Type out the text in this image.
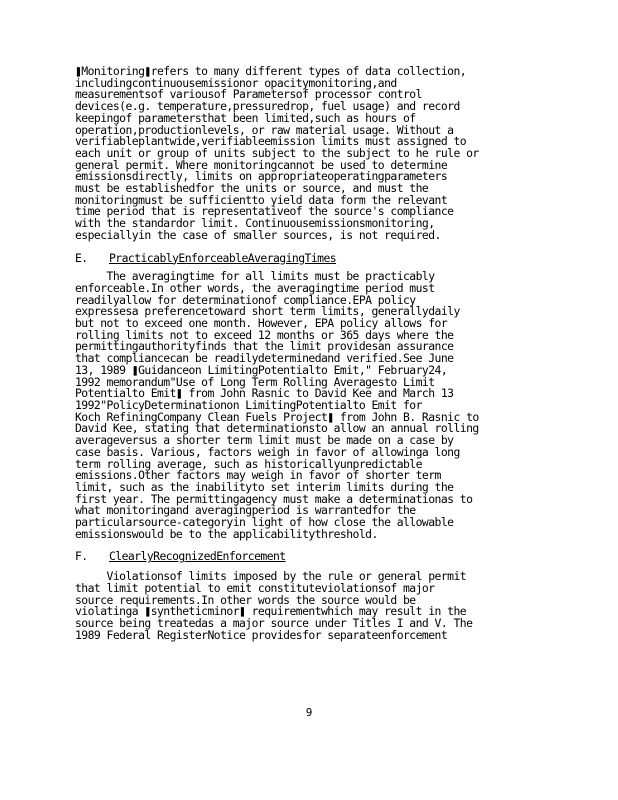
❚Monitoring❚refers to many different types of data collection,
includingcontinuousemissionor opacitymonitoring,and
measurementsof variousof Parametersof processor control
devices(e.g. temperature,pressuredrop, fuel usage) and record
keepingof parametersthat been limited,such as hours of
operation,productionlevels, or raw material usage. Without a
verifiableplantwide,verifiableemission limits must assigned to
each unit or group of units subject to the subject to he rule or
general permit. Where monitoringcannot be used to determine
emissionsdirectly, limits on appropriateoperatingparameters
must be establishedfor the units or source, and must the
monitoringmust be sufficientto yield data form the relevant
time period that is representativeof the source's compliance
with the standardor limit. Continuousemissionsmonitoring,
especiallyin the case of smaller sources, is not required.

E.	PracticablyEnforceableAveragingTimes

The averagingtime for all limits must be practicably
enforceable.In other words, the averagingtime period must
readilyallow for determinationof compliance.EPA policy
expressesa preferencetoward short term limits, generallydaily
but not to exceed one month. However, EPA policy allows for
rolling limits not to exceed 12 months or 365 days where the
permittingauthorityfinds that the limit providesan assurance
that compliancecan be readilydeterminedand verified.See June
13, 1989 ❚Guidanceon LimitingPotentialto Emit," February24,
1992 memorandum"Use of Long Term Rolling Averagesto Limit
Potentialto Emit❚ from John Rasnic to David Kee and March 13
1992"PolicyDeterminationon LimitingPotentialto Emit for
Koch RefiningCompany Clean Fuels Project❚ from John B. Rasnic to
David Kee, stating that determinationsto allow an annual rolling
averageversus a shorter term limit must be made on a case by
case basis. Various, factors weigh in favor of allowinga long
term rolling average, such as historicallyunpredictable
emissions.Other factors may weigh in favor of shorter term
limit, such as the inabilityto set interim limits during the
first year. The permittingagency must make a determinationas to
what monitoringand averagingperiod is warrantedfor the
particularsource-categoryin light of how close the allowable
emissionswould be to the applicabilitythreshold.

F.	ClearlyRecognizedEnforcement

Violationsof limits imposed by the rule or general permit
that limit potential to emit constituteviolationsof major
source requirements.In other words the source would be
violatinga ❚syntheticminor❚ requirementwhich may result in the
source being treatedas a major source under Titles I and V. The
1989 Federal RegisterNotice providesfor separateenforcement

9
